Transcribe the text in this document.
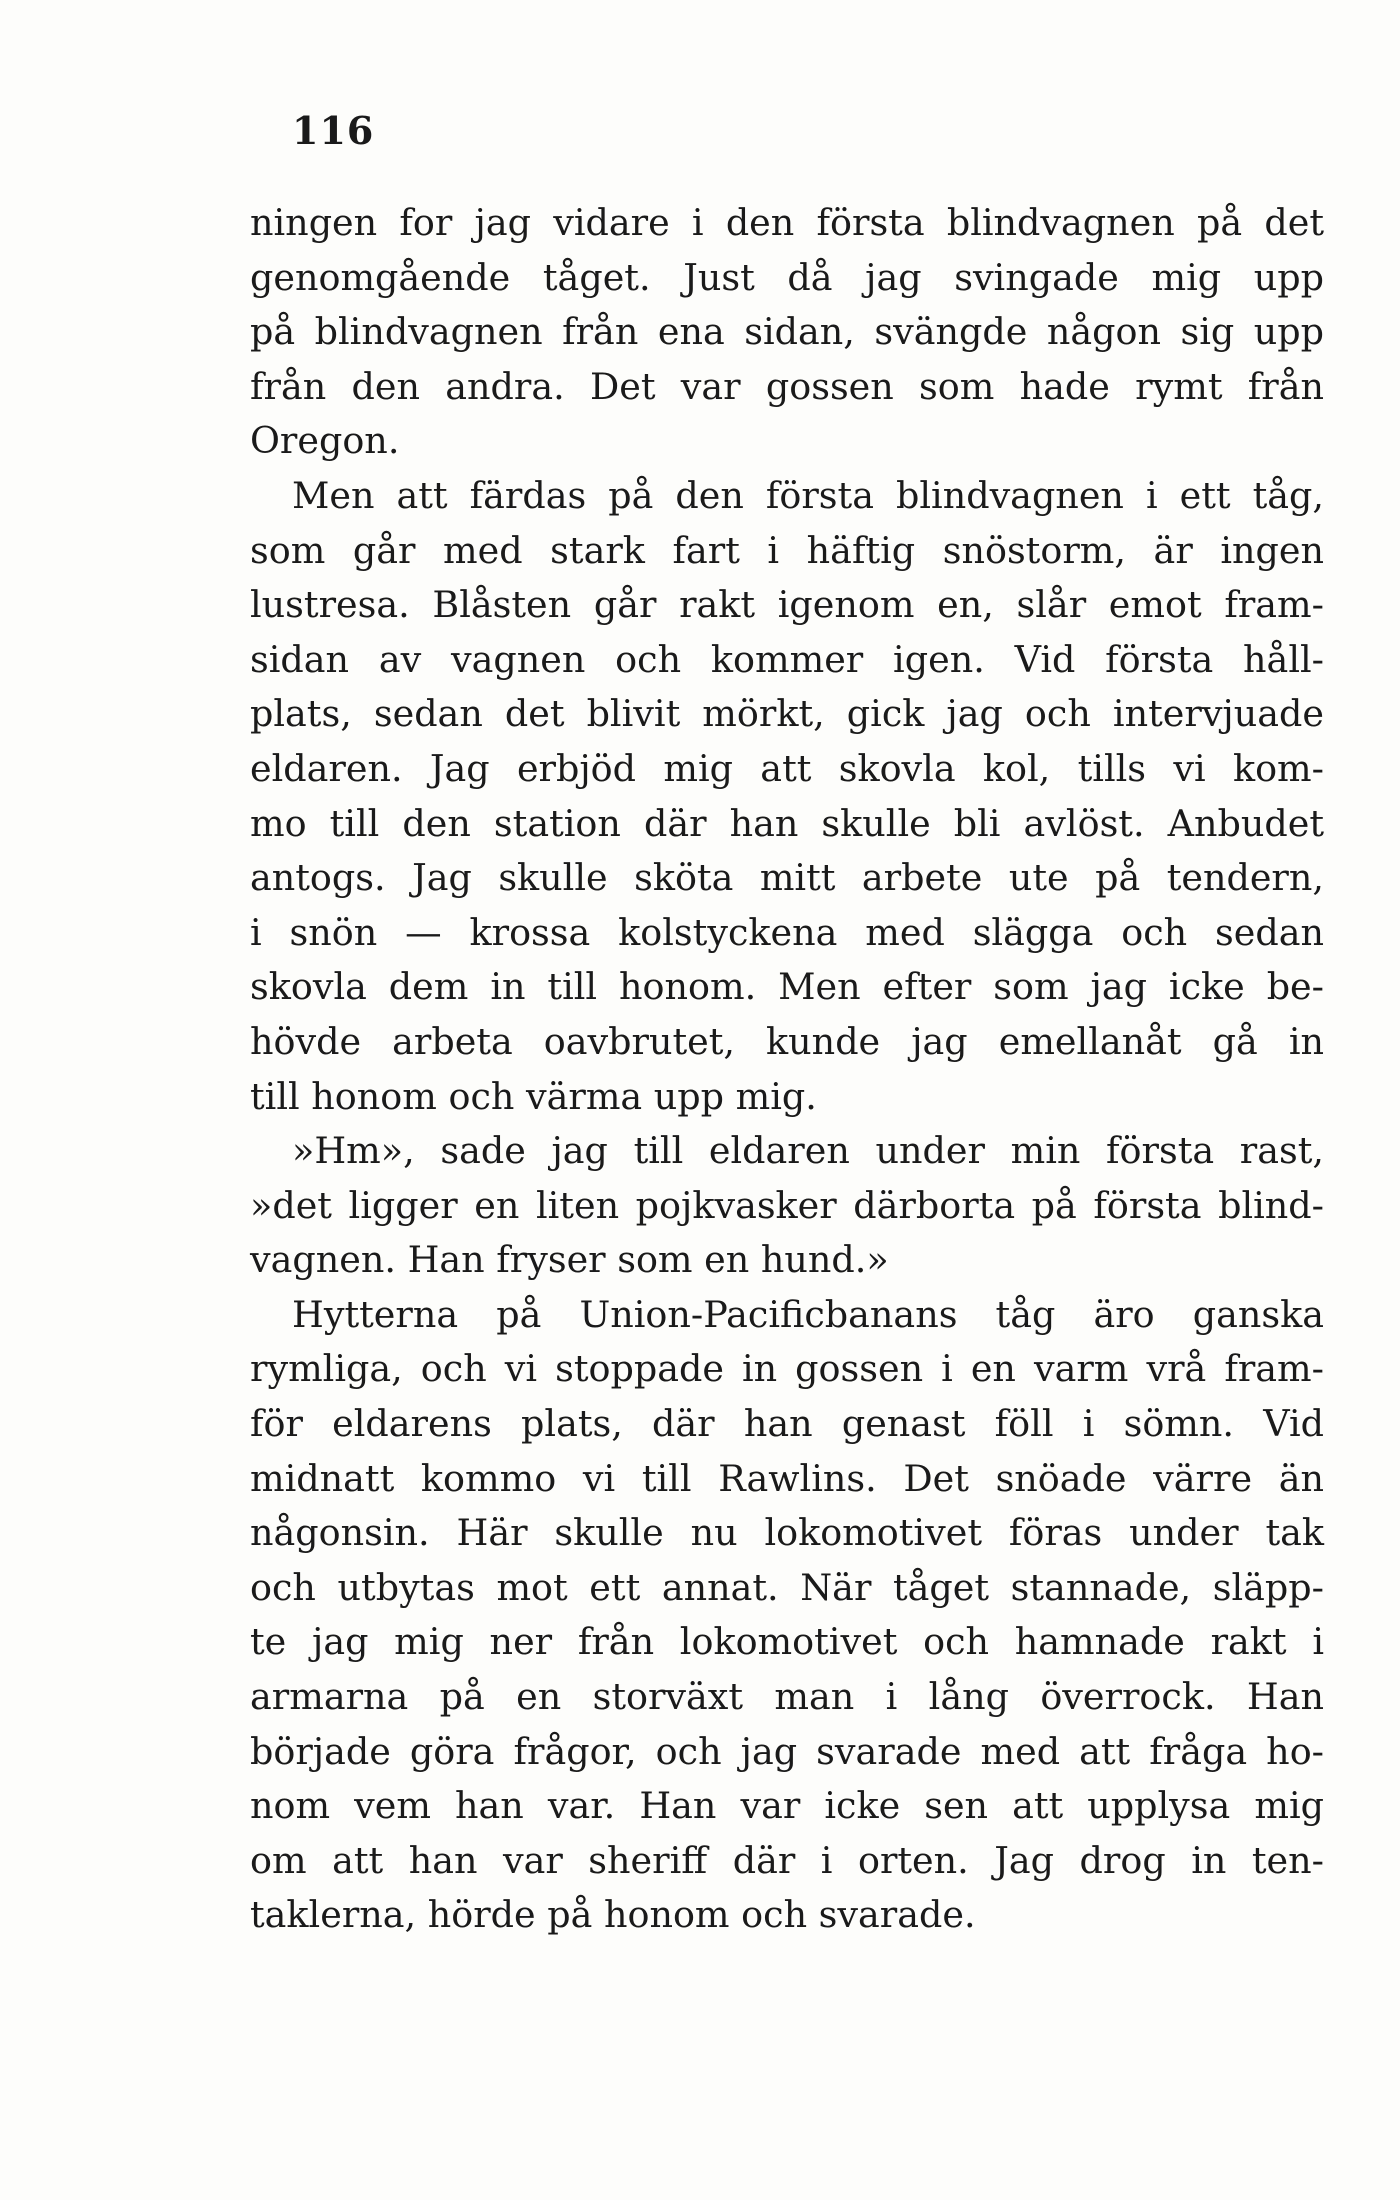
116
ningen for jag vidare i den första blindvagnen på det
genomgående tåget. Just då jag svingade mig upp
på blindvagnen från ena sidan, svängde någon sig upp
från den andra. Det var gossen som hade rymt från
Oregon.
Men att färdas på den första blindvagnen i ett tåg,
som går med stark fart i häftig snöstorm, är ingen
lustresa. Blåsten går rakt igenom en, slår emot fram-
sidan av vagnen och kommer igen. Vid första håll-
plats, sedan det blivit mörkt, gick jag och intervjuade
eldaren. Jag erbjöd mig att skovla kol, tills vi kom-
mo till den station där han skulle bli avlöst. Anbudet
antogs. Jag skulle sköta mitt arbete ute på tendern,
i snön — krossa kolstyckena med slägga och sedan
skovla dem in till honom. Men efter som jag icke be-
hövde arbeta oavbrutet, kunde jag emellanåt gå in
till honom och värma upp mig.
»Hm», sade jag till eldaren under min första rast,
»det ligger en liten pojkvasker därborta på första blind-
vagnen. Han fryser som en hund.»
Hytterna på Union-Pacificbanans tåg äro ganska
rymliga, och vi stoppade in gossen i en varm vrå fram-
för eldarens plats, där han genast föll i sömn. Vid
midnatt kommo vi till Rawlins. Det snöade värre än
någonsin. Här skulle nu lokomotivet föras under tak
och utbytas mot ett annat. När tåget stannade, släpp-
te jag mig ner från lokomotivet och hamnade rakt i
armarna på en storväxt man i lång överrock. Han
började göra frågor, och jag svarade med att fråga ho-
nom vem han var. Han var icke sen att upplysa mig
om att han var sheriff där i orten. Jag drog in ten-
taklerna, hörde på honom och svarade.
